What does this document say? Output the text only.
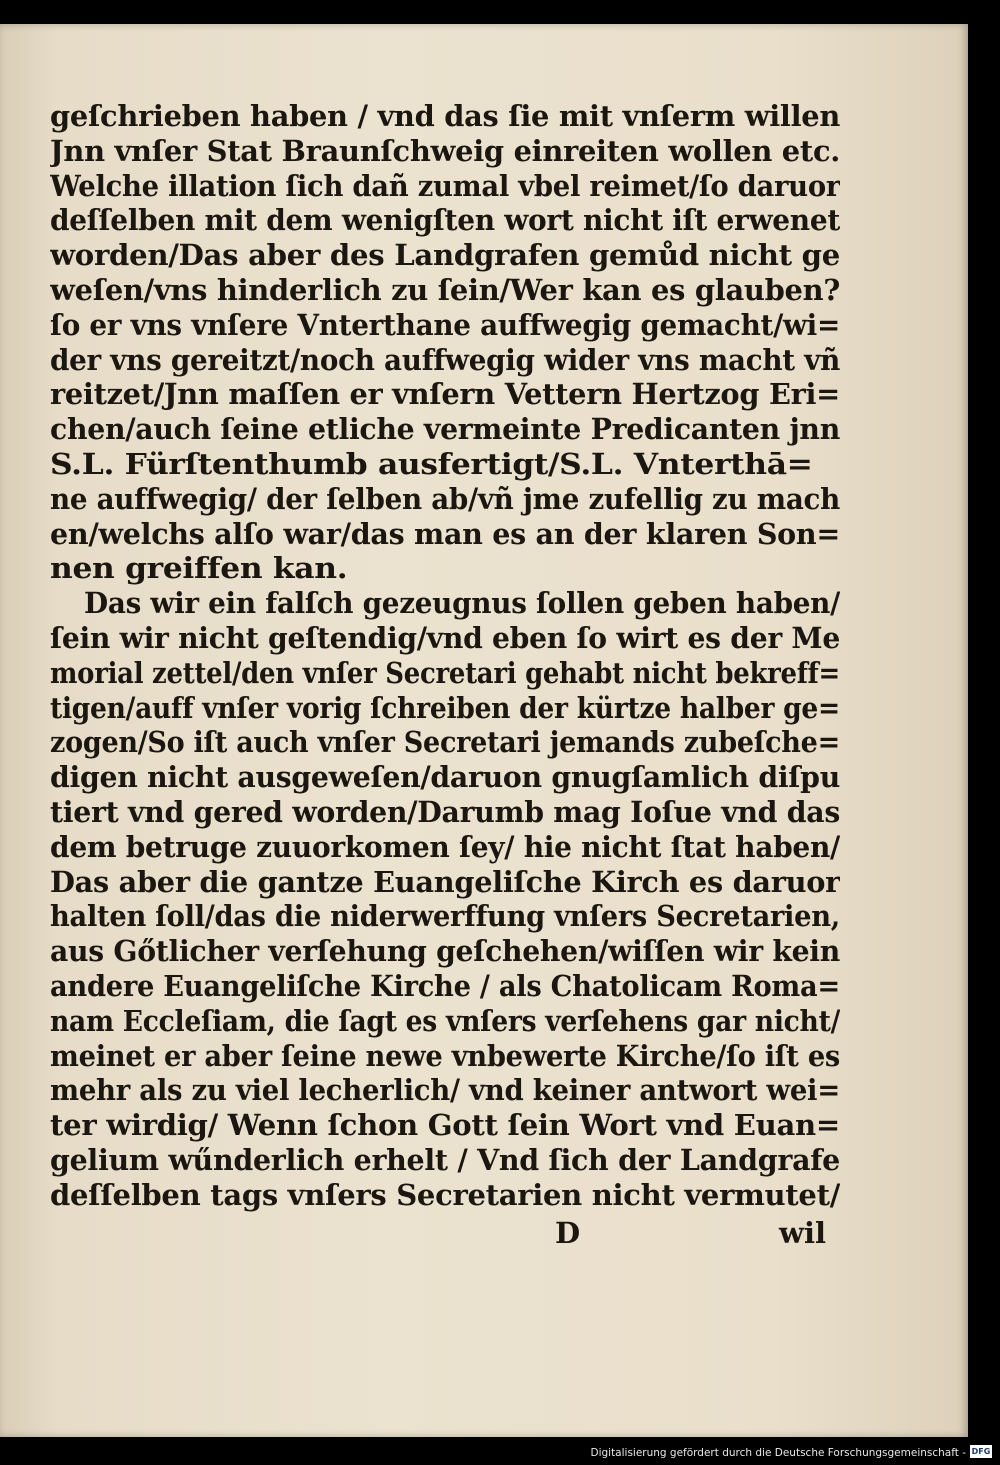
geſchrieben haben / vnd das ſie mit vnſerm willen
Jnn vnſer Stat Braunſchweig einreiten wollen etc.
Welche illation ſich dañ zumal vbel reimet/ſo daruor
deſſelben mit dem wenigſten wort nicht iſt erwenet
worden/Das aber des Landgrafen gemůd nicht ge
weſen/vns hinderlich zu ſein/Wer kan es glauben?
ſo er vns vnſere Vnterthane auffwegig gemacht/wi=
der vns gereitzt/noch auffwegig wider vns macht vñ
reitzet/Jnn maſſen er vnſern Vettern Hertzog Eri=
chen/auch ſeine etliche vermeinte Predicanten jnn
S.L. Fürſtenthumb ausfertigt/S.L. Vnterthā=
ne auffwegig/ der ſelben ab/vñ jme zufellig zu mach
en/welchs alſo war/das man es an der klaren Son=
nen greiffen kan.
Das wir ein falſch gezeugnus ſollen geben haben/
ſein wir nicht geſtendig/vnd eben ſo wirt es der Me
morial zettel/den vnſer Secretari gehabt nicht bekreff=
tigen/auff vnſer vorig ſchreiben der kürtze halber ge=
zogen/So iſt auch vnſer Secretari jemands zubeſche=
digen nicht ausgeweſen/daruon gnugſamlich diſpu
tiert vnd gered worden/Darumb mag Ioſue vnd das
dem betruge zuuorkomen ſey/ hie nicht ſtat haben/
Das aber die gantze Euangeliſche Kirch es daruor
halten ſoll/das die niderwerffung vnſers Secretarien,
aus Gőtlicher verſehung geſchehen/wiſſen wir kein
andere Euangeliſche Kirche / als Chatolicam Roma=
nam Eccleſiam, die ſagt es vnſers verſehens gar nicht/
meinet er aber ſeine newe vnbewerte Kirche/ſo iſt es
mehr als zu viel lecherlich/ vnd keiner antwort wei=
ter wirdig/ Wenn ſchon Gott ſein Wort vnd Euan=
gelium wűnderlich erhelt / Vnd ſich der Landgrafe
deſſelben tags vnſers Secretarien nicht vermutet/
D	wil
Digitalisierung gefördert durch die Deutsche Forschungsgemeinschaft - DFG
